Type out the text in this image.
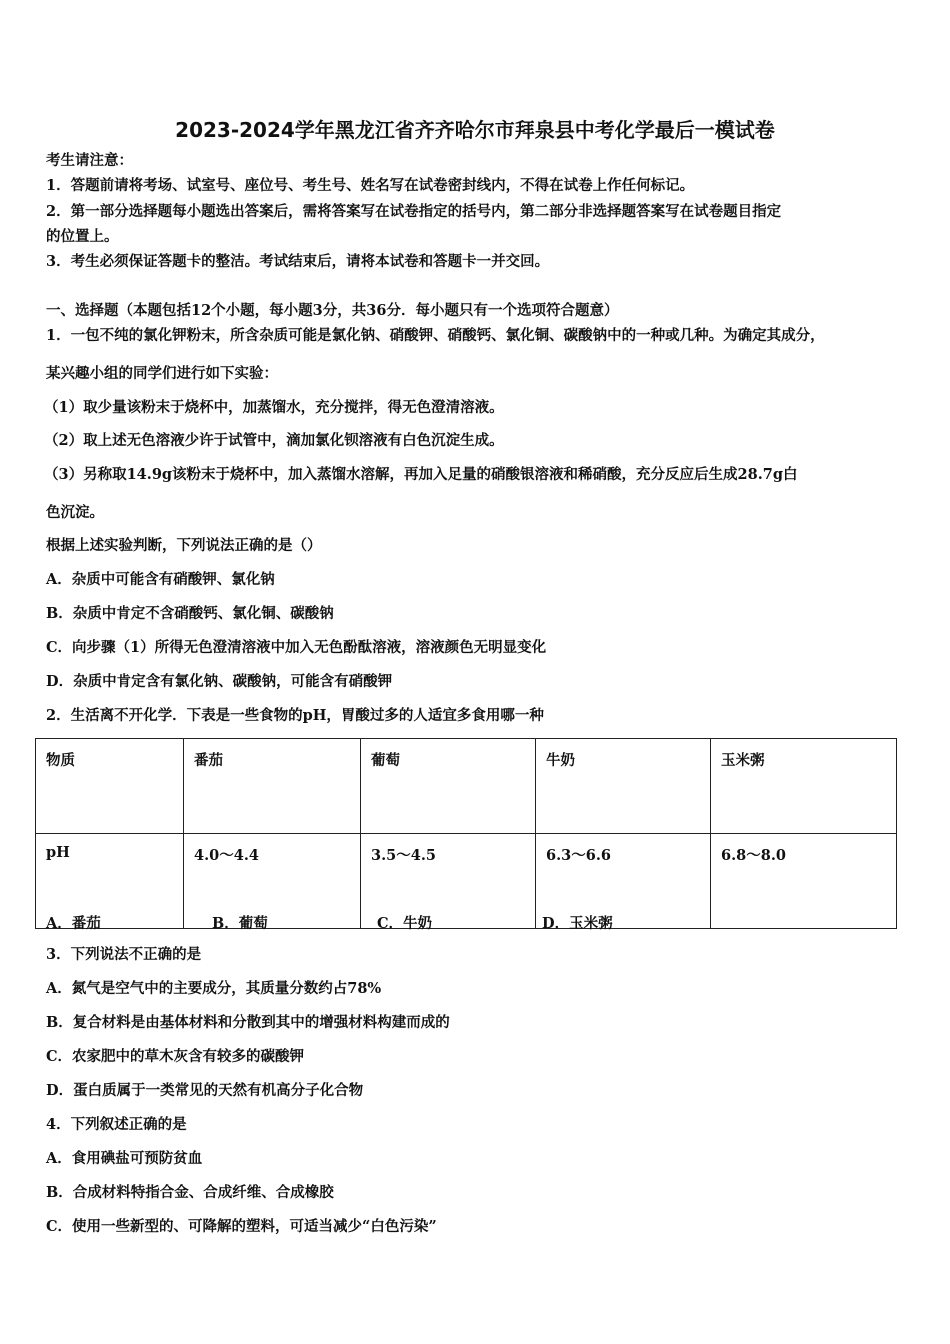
2023-2024学年黑龙江省齐齐哈尔市拜泉县中考化学最后一模试卷
考生请注意：
1．答题前请将考场、试室号、座位号、考生号、姓名写在试卷密封线内，不得在试卷上作任何标记。
2．第一部分选择题每小题选出答案后，需将答案写在试卷指定的括号内，第二部分非选择题答案写在试卷题目指定
的位置上。
3．考生必须保证答题卡的整洁。考试结束后，请将本试卷和答题卡一并交回。
一、选择题（本题包括12个小题，每小题3分，共36分．每小题只有一个选项符合题意）
1．一包不纯的氯化钾粉末，所含杂质可能是氯化钠、硝酸钾、硝酸钙、氯化铜、碳酸钠中的一种或几种。为确定其成分，
某兴趣小组的同学们进行如下实验：
（1）取少量该粉末于烧杯中，加蒸馏水，充分搅拌，得无色澄清溶液。
（2）取上述无色溶液少许于试管中，滴加氯化钡溶液有白色沉淀生成。
（3）另称取14.9g该粉末于烧杯中，加入蒸馏水溶解，再加入足量的硝酸银溶液和稀硝酸，充分反应后生成28.7g白
色沉淀。
根据上述实验判断，下列说法正确的是（）
A．杂质中可能含有硝酸钾、氯化钠
B．杂质中肯定不含硝酸钙、氯化铜、碳酸钠
C．向步骤（1）所得无色澄清溶液中加入无色酚酞溶液，溶液颜色无明显变化
D．杂质中肯定含有氯化钠、碳酸钠，可能含有硝酸钾
2．生活离不开化学．下表是一些食物的pH，胃酸过多的人适宜多食用哪一种
物质	番茄	葡萄	牛奶	玉米粥
pH	4.0～4.4	3.5～4.5	6.3～6.6	6.8～8.0
A．番茄	B．葡萄	C．牛奶	D．玉米粥
3．下列说法不正确的是
A．氮气是空气中的主要成分，其质量分数约占78%
B．复合材料是由基体材料和分散到其中的增强材料构建而成的
C．农家肥中的草木灰含有较多的碳酸钾
D．蛋白质属于一类常见的天然有机高分子化合物
4．下列叙述正确的是
A．食用碘盐可预防贫血
B．合成材料特指合金、合成纤维、合成橡胶
C．使用一些新型的、可降解的塑料，可适当减少“白色污染”
